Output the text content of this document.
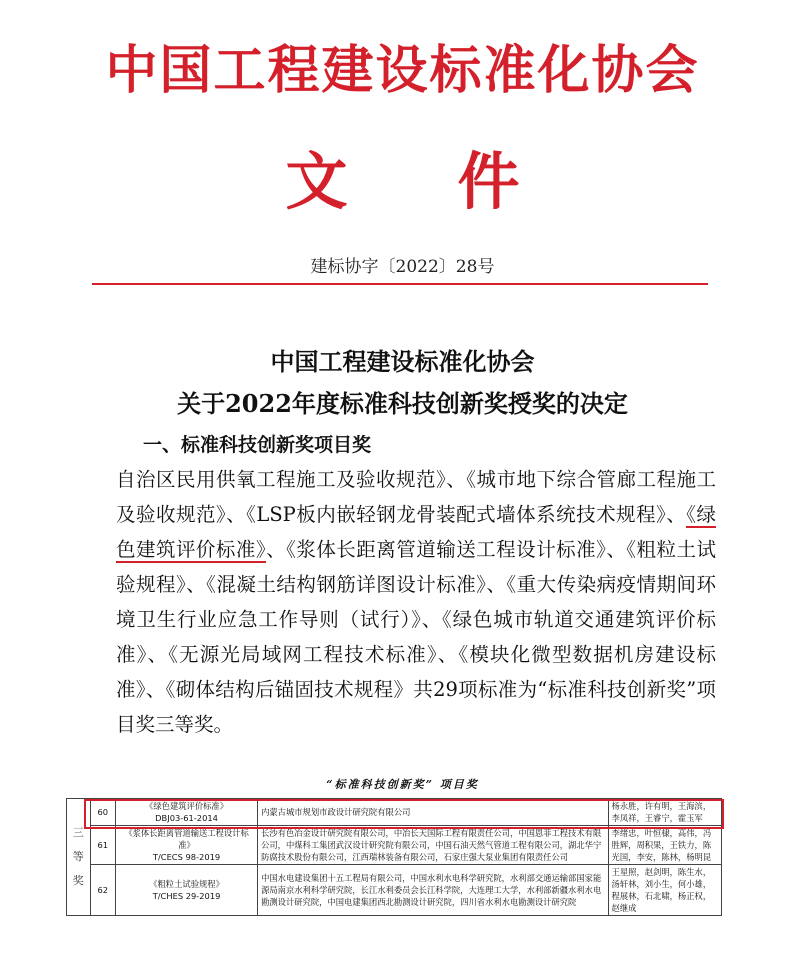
中国工程建设标准化协会
文件
建标协字〔2022〕28号
中国工程建设标准化协会
关于2022年度标准科技创新奖授奖的决定
一、标准科技创新奖项目奖

自治区民用供氧工程施工及验收规范》、《城市地下综合管廊工程施工及验收规范》、《LSP板内嵌轻钢龙骨装配式墙体系统技术规程》、《绿色建筑评价标准》、《浆体长距离管道输送工程设计标准》、《粗粒土试验规程》、《混凝土结构钢筋详图设计标准》、《重大传染病疫情期间环境卫生行业应急工作导则（试行）》、《绿色城市轨道交通建筑评价标准》、《无源光局域网工程技术标准》、《模块化微型数据机房建设标准》、《砌体结构后锚固技术规程》共29项标准为“标准科技创新奖”项目奖三等奖。

“标准科技创新奖” 项目奖
三等奖	60	《绿色建筑评价标准》
DBJ03-61-2014	内蒙古城市规划市政设计研究院有限公司	杨永胜，许有明，王海滨，李凤祥，王睿宁，霍玉军
	61	《浆体长距离管道输送工程设计标准》
T/CECS 98-2019	长沙有色冶金设计研究院有限公司，中冶长天国际工程有限责任公司，中国恩菲工程技术有限公司，中煤科工集团武汉设计研究院有限公司，中国石油天然气管道工程有限公司，湖北华宁防腐技术股份有限公司，江西瑞林装备有限公司，石家庄强大泵业集团有限责任公司	李绪忠，叶恒棣，高伟，冯胜辉，周积果，王铁力，陈光国，李安，陈林，杨明昆
	62	《粗粒土试验规程》
T/CHES 29-2019	中国水电建设集团十五工程局有限公司，中国水利水电科学研究院，水利部交通运输部国家能源局南京水利科学研究院，长江水利委员会长江科学院，大连理工大学，水利部新疆水利水电勘测设计研究院，中国电建集团西北勘测设计研究院，四川省水利水电勘测设计研究院	王星照，赵剑明，陈生水，汤轩林，刘小生，何小雄，程展林，石北啸，杨正权，赵继成
